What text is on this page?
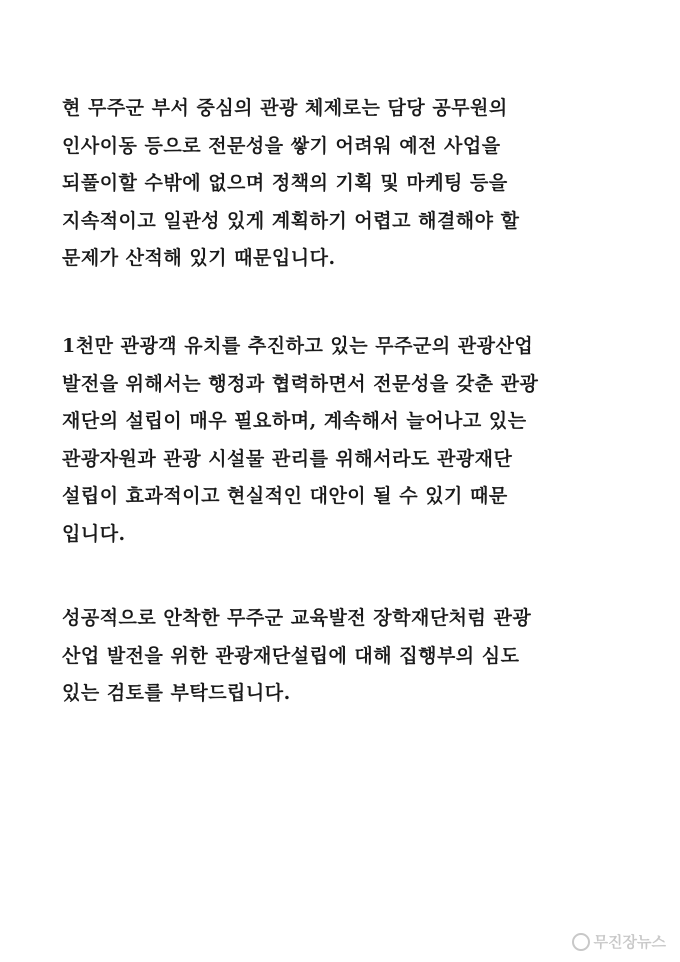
현 무주군 부서 중심의 관광 체제로는 담당 공무원의
인사이동 등으로 전문성을 쌓기 어려워 예전 사업을
되풀이할 수밖에 없으며 정책의 기획 및 마케팅 등을
지속적이고 일관성 있게 계획하기 어렵고 해결해야 할
문제가 산적해 있기 때문입니다.

1천만 관광객 유치를 추진하고 있는 무주군의 관광산업
발전을 위해서는 행정과 협력하면서 전문성을 갖춘 관광
재단의 설립이 매우 필요하며, 계속해서 늘어나고 있는
관광자원과 관광 시설물 관리를 위해서라도 관광재단
설립이 효과적이고 현실적인 대안이 될 수 있기 때문
입니다.

성공적으로 안착한 무주군 교육발전 장학재단처럼 관광
산업 발전을 위한 관광재단설립에 대해 집행부의 심도
있는 검토를 부탁드립니다.

무진장뉴스
